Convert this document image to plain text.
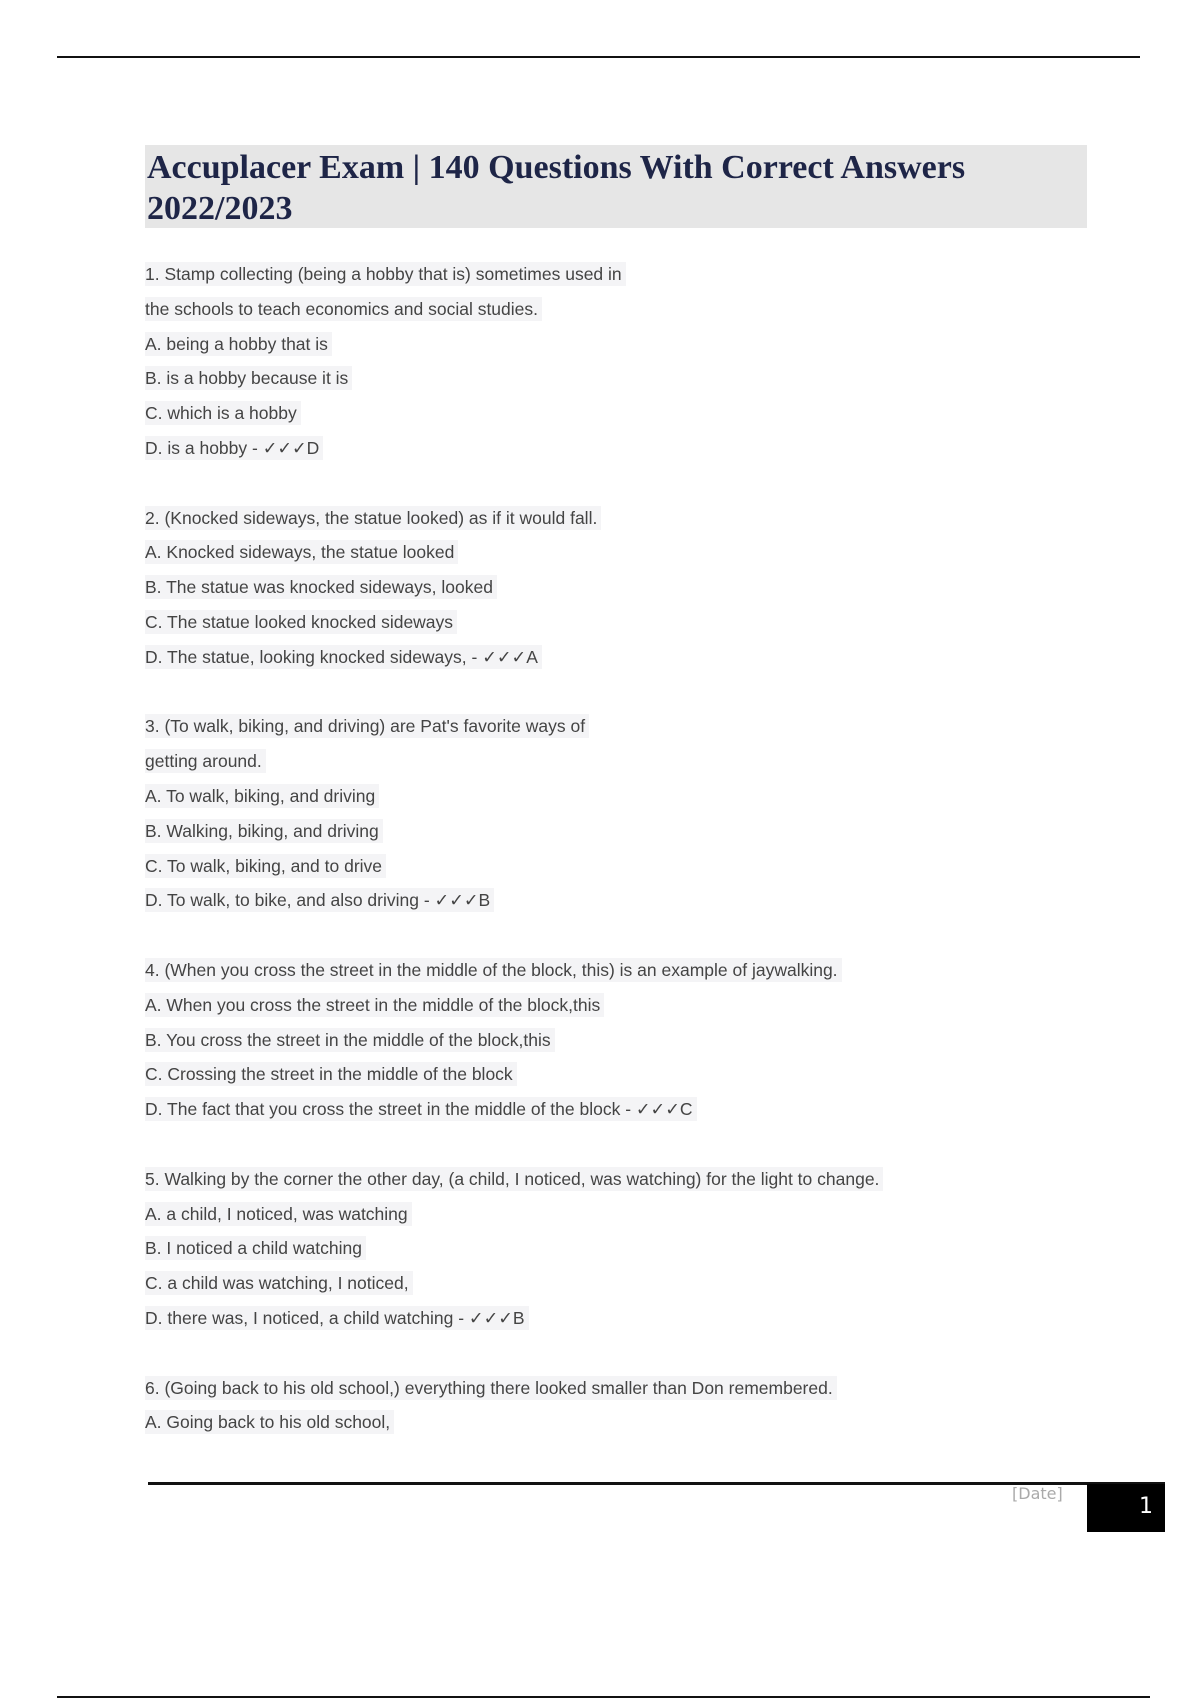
Accuplacer Exam | 140 Questions With Correct Answers 2022/2023
1. Stamp collecting (being a hobby that is) sometimes used in
the schools to teach economics and social studies.
A. being a hobby that is
B. is a hobby because it is
C. which is a hobby
D. is a hobby - ✓✓✓D
2. (Knocked sideways, the statue looked) as if it would fall.
A. Knocked sideways, the statue looked
B. The statue was knocked sideways, looked
C. The statue looked knocked sideways
D. The statue, looking knocked sideways, - ✓✓✓A
3. (To walk, biking, and driving) are Pat's favorite ways of
getting around.
A. To walk, biking, and driving
B. Walking, biking, and driving
C. To walk, biking, and to drive
D. To walk, to bike, and also driving - ✓✓✓B
4. (When you cross the street in the middle of the block, this) is an example of jaywalking.
A. When you cross the street in the middle of the block,this
B. You cross the street in the middle of the block,this
C. Crossing the street in the middle of the block
D. The fact that you cross the street in the middle of the block - ✓✓✓C
5. Walking by the corner the other day, (a child, I noticed, was watching) for the light to change.
A. a child, I noticed, was watching
B. I noticed a child watching
C. a child was watching, I noticed,
D. there was, I noticed, a child watching - ✓✓✓B
6. (Going back to his old school,) everything there looked smaller than Don remembered.
A. Going back to his old school,
[Date]
1
